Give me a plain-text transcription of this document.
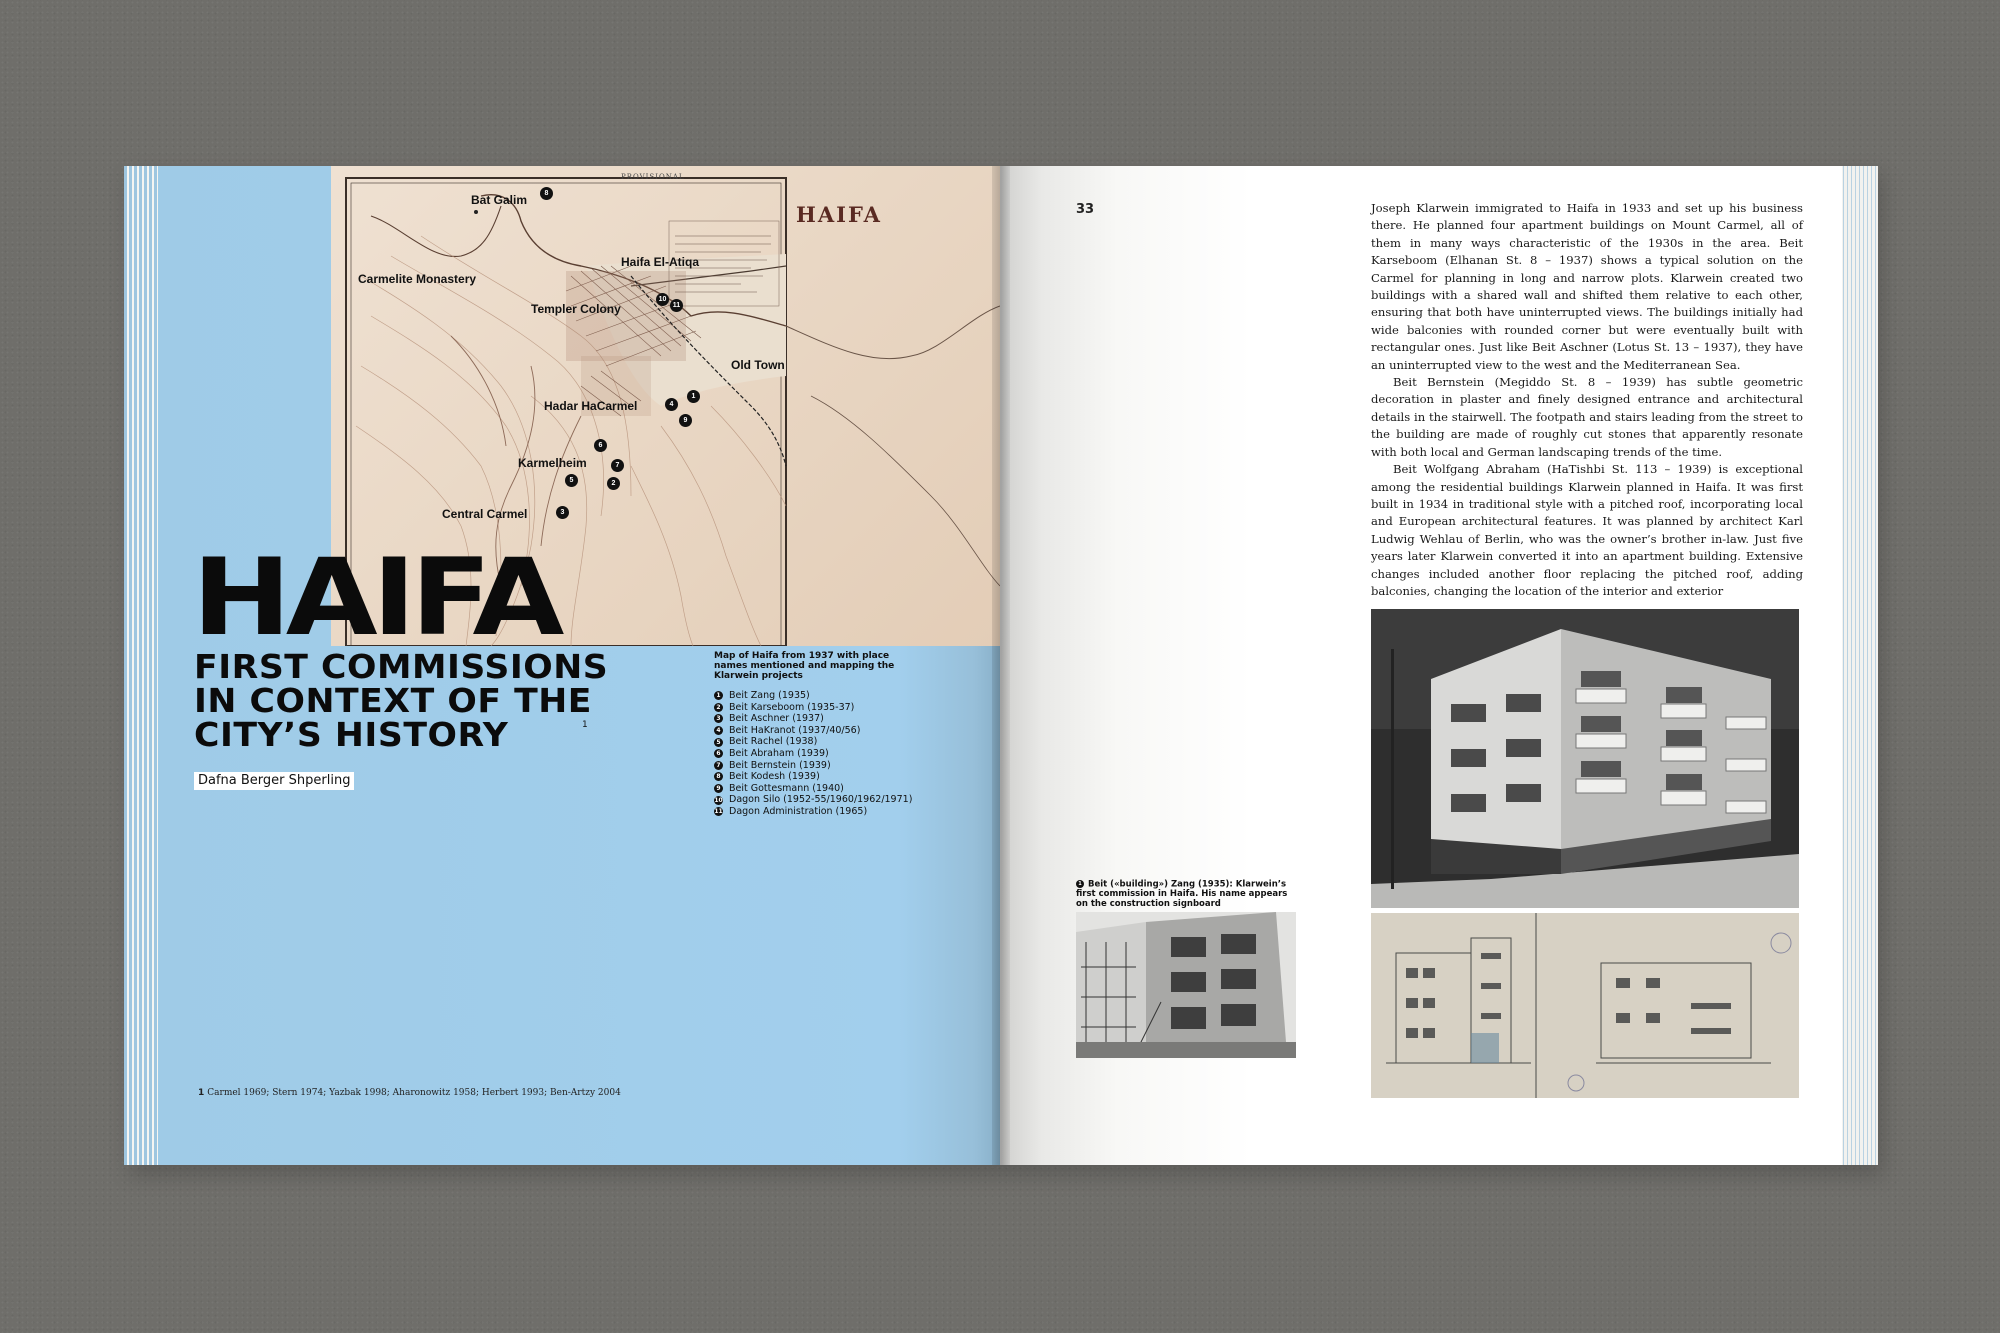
PROVISIONAL
HAIFA
Bat Galim
Haifa El-Atiqa
Carmelite Monastery
Templer Colony
Old Town
Hadar HaCarmel
Karmelheim
Central Carmel
8
10
11
1
4
9
6
7
5	2
3
HAIFA
FIRST COMMISSIONS
IN CONTEXT OF THE
CITY’S HISTORY	1
Dafna Berger Shperling
Map of Haifa from 1937 with place names mentioned and mapping the Klarwein projects
1 Beit Zang (1935)
2 Beit Karseboom (1935-37)
3 Beit Aschner (1937)
4 Beit HaKranot (1937/40/56)
5 Beit Rachel (1938)
6 Beit Abraham (1939)
7 Beit Bernstein (1939)
8 Beit Kodesh (1939)
9 Beit Gottesmann (1940)
10 Dagon Silo (1952-55/1960/1962/1971)
11 Dagon Administration (1965)
1 Carmel 1969; Stern 1974; Yazbak 1998; Aharonowitz 1958; Herbert 1993; Ben-Artzy 2004
33	Joseph Klarwein immigrated to Haifa in 1933 and set up his business there. He planned four apartment buildings on Mount Carmel, all of them in many ways characteristic of the 1930s in the area. Beit Karseboom (Elhanan St. 8 – 1937) shows a typical solution on the Carmel for planning in long and narrow plots. Klarwein created two buildings with a shared wall and shifted them relative to each other, ensuring that both have uninterrupted views. The buildings initially had wide balconies with rounded corner but were eventually built with rectangular ones. Just like Beit Aschner (Lotus St. 13 – 1937), they have an uninterrupted view to the west and the Mediterranean Sea.

Beit Bernstein (Megiddo St. 8 – 1939) has subtle geometric decoration in plaster and finely designed entrance and architectural details in the stairwell. The footpath and stairs leading from the street to the building are made of roughly cut stones that apparently resonate with both local and German landscaping trends of the time.

Beit Wolfgang Abraham (HaTishbi St. 113 – 1939) is exceptional among the residential buildings Klarwein planned in Haifa. It was first built in 1934 in traditional style with a pitched roof, incorporating local and European architectural features. It was planned by architect Karl Ludwig Wehlau of Berlin, who was the owner’s brother in-law. Just five years later Klarwein converted it into an apartment building. Extensive changes included another floor replacing the pitched roof, adding balconies, changing the location of the interior and exterior

1 Beit («building») Zang (1935): Klarwein’s first commission in Haifa. His name appears on the construction signboard
